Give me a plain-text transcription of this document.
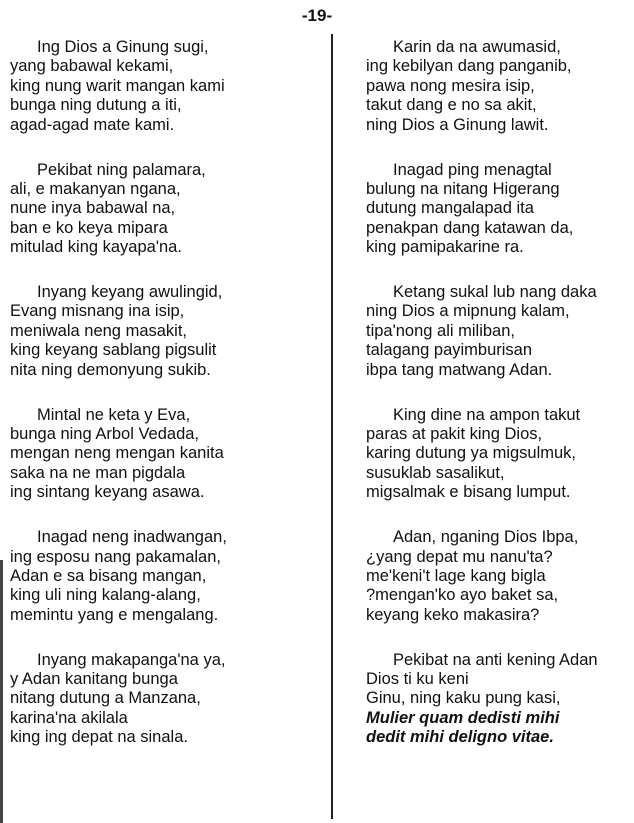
-19-
Ing Dios a Ginung sugi,
yang babawal kekami,
king nung warit mangan kami
bunga ning dutung a iti,
agad-agad mate kami.
Pekibat ning palamara,
ali, e makanyan ngana,
nune inya babawal na,
ban e ko keya mipara
mitulad king kayapa'na.
Inyang keyang awulingid,
Evang misnang ina isip,
meniwala neng masakit,
king keyang sablang pigsulit
nita ning demonyung sukib.
Mintal ne keta y Eva,
bunga ning Arbol Vedada,
mengan neng mengan kanita
saka na ne man pigdala
ing sintang keyang asawa.
Inagad neng inadwangan,
ing esposu nang pakamalan,
Adan e sa bisang mangan,
king uli ning kalang-alang,
memintu yang e mengalang.
Inyang makapanga'na ya,
y Adan kanitang bunga
nitang dutung a Manzana,
karina'na akilala
king ing depat na sinala.
Karin da na awumasid,
ing kebilyan dang panganib,
pawa nong mesira isip,
takut dang e no sa akit,
ning Dios a Ginung lawit.
Inagad ping menagtal
bulung na nitang Higerang
dutung mangalapad ita
penakpan dang katawan da,
king pamipakarine ra.
Ketang sukal lub nang daka
ning Dios a mipnung kalam,
tipa'nong ali miliban,
talagang payimburisan
ibpa tang matwang Adan.
King dine na ampon takut
paras at pakit king Dios,
karing dutung ya migsulmuk,
susuklab sasalikut,
migsalmak e bisang lumput.
Adan, nganing Dios Ibpa,
¿yang depat mu nanu'ta?
me'keni't lage kang bigla
?mengan'ko ayo baket sa,
keyang keko makasira?
Pekibat na anti kening Adan
Dios ti ku keni
Ginu, ning kaku pung kasi,
Mulier quam dedisti mihi
dedit mihi deligno vitae.
